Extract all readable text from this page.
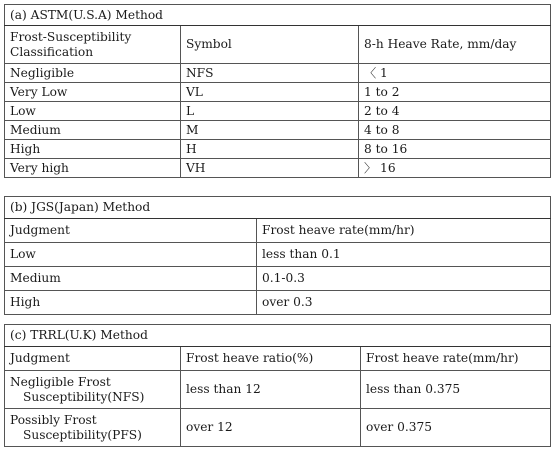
(a) ASTM(U.S.A) Method		
Frost-Susceptibility Classification	Symbol	8-h Heave Rate, mm/day
Negligible	NFS	〈 1
Very Low	VL	1 to 2
Low	L	2 to 4
Medium	M	4 to 8
High	H	8 to 16
Very high	VH	〉 16
(b) JGS(Japan) Method	
Judgment	Frost heave rate(mm/hr)
Low	less than 0.1
Medium	0.1-0.3
High	over 0.3
(c) TRRL(U.K) Method		
Judgment	Frost heave ratio(%)	Frost heave rate(mm/hr)
Negligible Frost Susceptibility(NFS)	less than 12	less than 0.375
Possibly Frost Susceptibility(PFS)	over 12	over 0.375
